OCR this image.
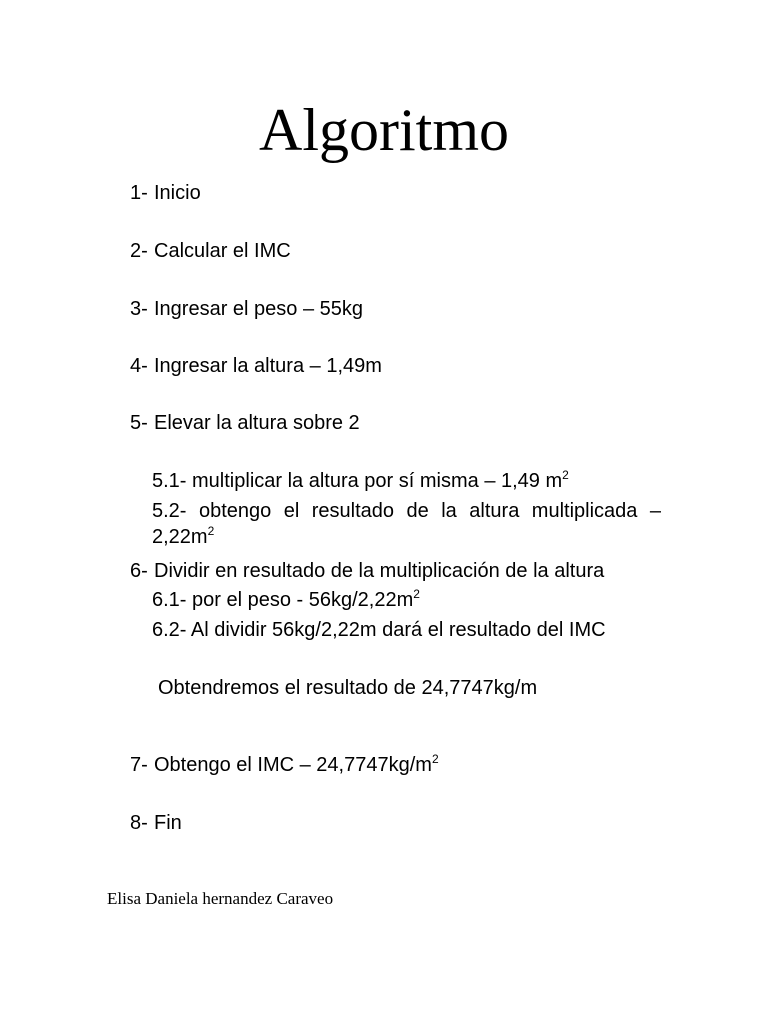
Algoritmo
1- Inicio
2- Calcular el IMC
3- Ingresar el peso – 55kg
4- Ingresar la altura – 1,49m
5- Elevar la altura sobre 2
5.1- multiplicar la altura por sí misma – 1,49 $m^2$
5.2- obtengo el resultado de la altura multiplicada – $2,22m^2$
6- Dividir en resultado de la multiplicación de la altura
6.1- por el peso - $56kg/2,22m^2$
6.2- Al dividir 56kg/2,22m dará el resultado del IMC
Obtendremos el resultado de 24,7747kg/m
7- Obtengo el IMC – $24,7747kg/m^2$
8- Fin
Elisa Daniela hernandez Caraveo
